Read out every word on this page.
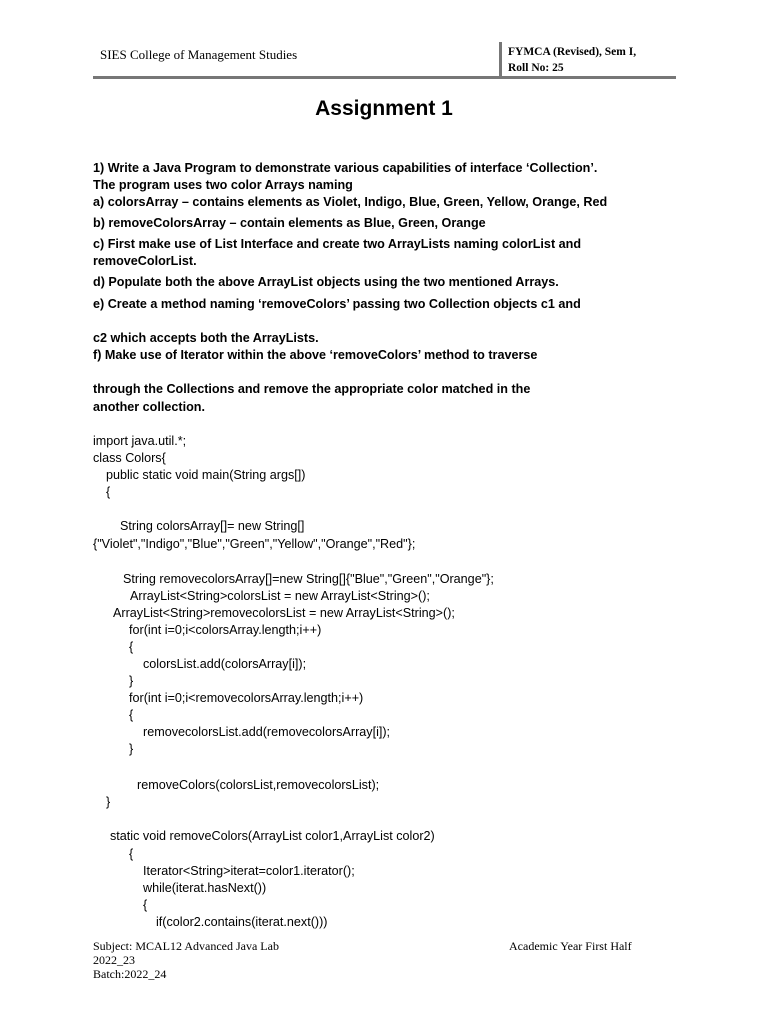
SIES College of Management Studies	FYMCA (Revised), Sem I,
Roll No: 25
Assignment 1
1) Write a Java Program to demonstrate various capabilities of interface ‘Collection’.
The program uses two color Arrays naming
a) colorsArray – contains elements as Violet, Indigo, Blue, Green, Yellow, Orange, Red
b) removeColorsArray – contain elements as Blue, Green, Orange
c) First make use of List Interface and create two ArrayLists naming colorList and
removeColorList.
d) Populate both the above ArrayList objects using the two mentioned Arrays.
e) Create a method naming ‘removeColors’ passing two Collection objects c1 and
c2 which accepts both the ArrayLists.
f) Make use of Iterator within the above ‘removeColors’ method to traverse
through the Collections and remove the appropriate color matched in the
another collection.
import java.util.*;
class Colors{
public static void main(String args[])
{
String colorsArray[]= new String[]
{"Violet","Indigo","Blue","Green","Yellow","Orange","Red"};
String removecolorsArray[]=new String[]{"Blue","Green","Orange"};
ArrayList<String>colorsList = new ArrayList<String>();
ArrayList<String>removecolorsList = new ArrayList<String>();
for(int i=0;i<colorsArray.length;i++)
{
colorsList.add(colorsArray[i]);
}
for(int i=0;i<removecolorsArray.length;i++)
{
removecolorsList.add(removecolorsArray[i]);
}
removeColors(colorsList,removecolorsList);
}
static void removeColors(ArrayList color1,ArrayList color2)
{
Iterator<String>iterat=color1.iterator();
while(iterat.hasNext())
{
if(color2.contains(iterat.next()))
Subject: MCAL12 Advanced Java Lab
2022_23
Batch:2022_24
Academic Year First Half
